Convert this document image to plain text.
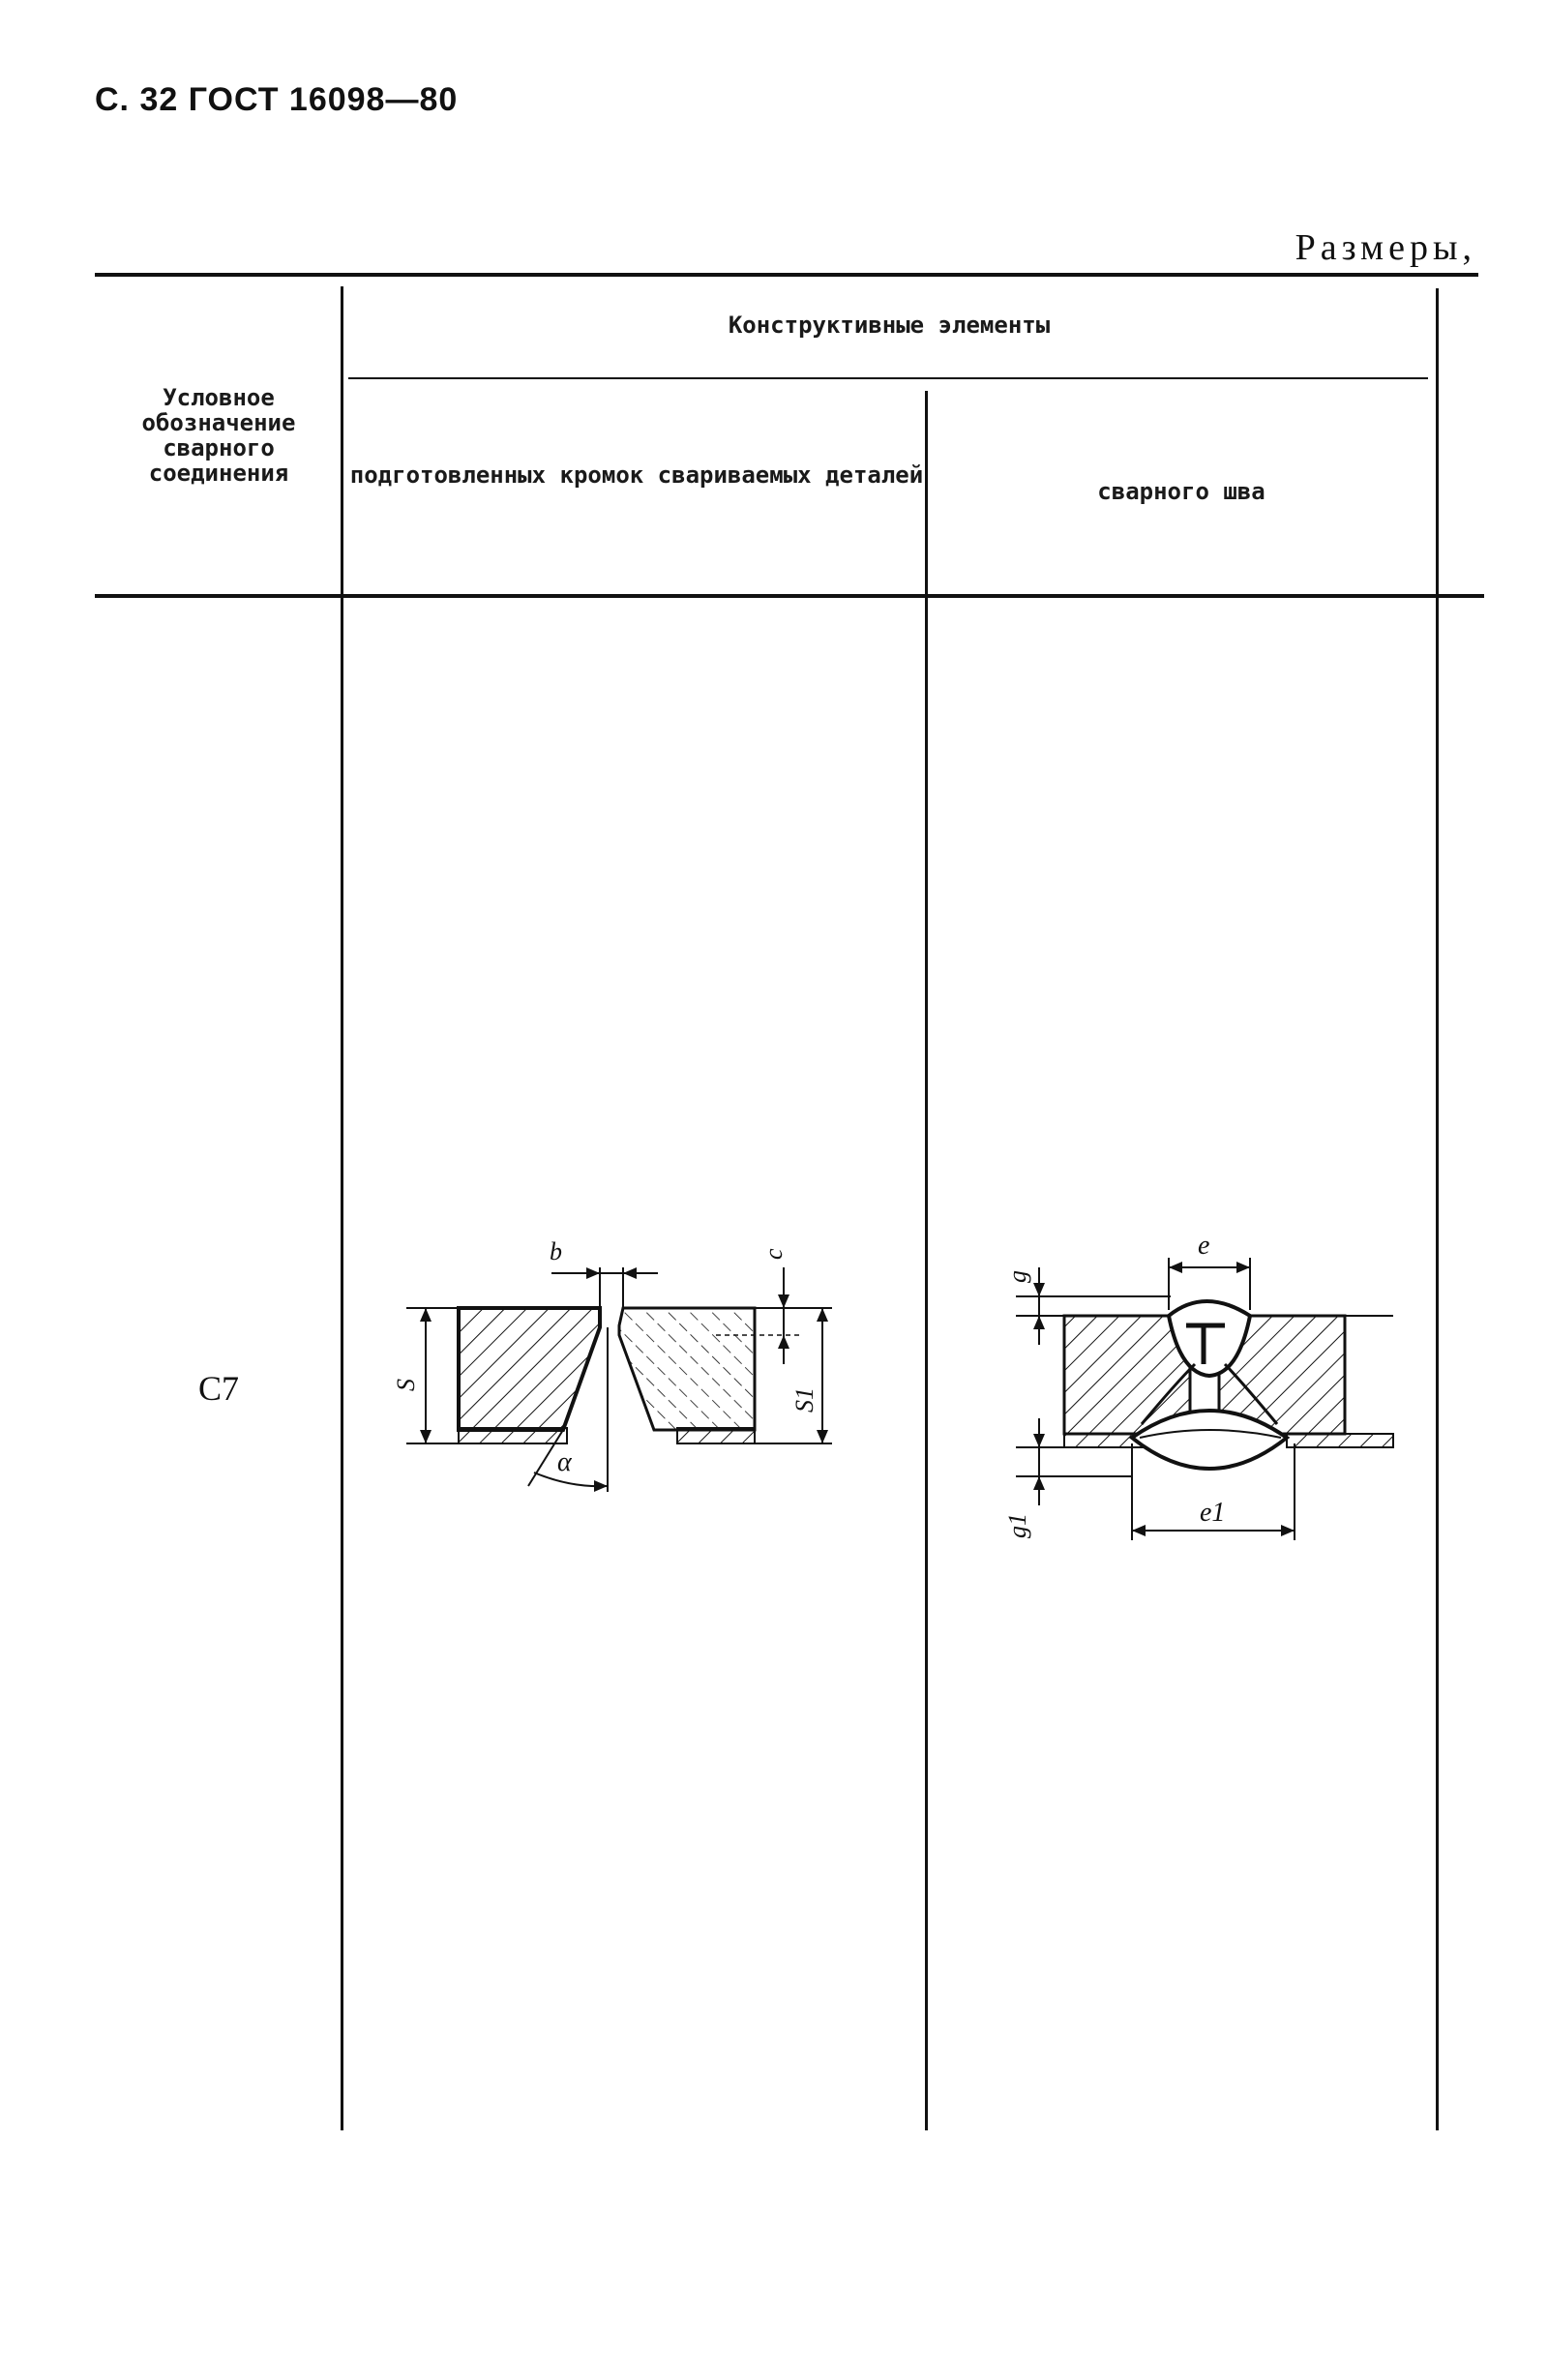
С. 32 ГОСТ 16098—80
Размеры,
Условное обозначение сварного соединения
Конструктивные элементы
подготовленных кромок свариваемых деталей
сварного шва
С7
b	c
S
S1
α
g
e
g1	e1
